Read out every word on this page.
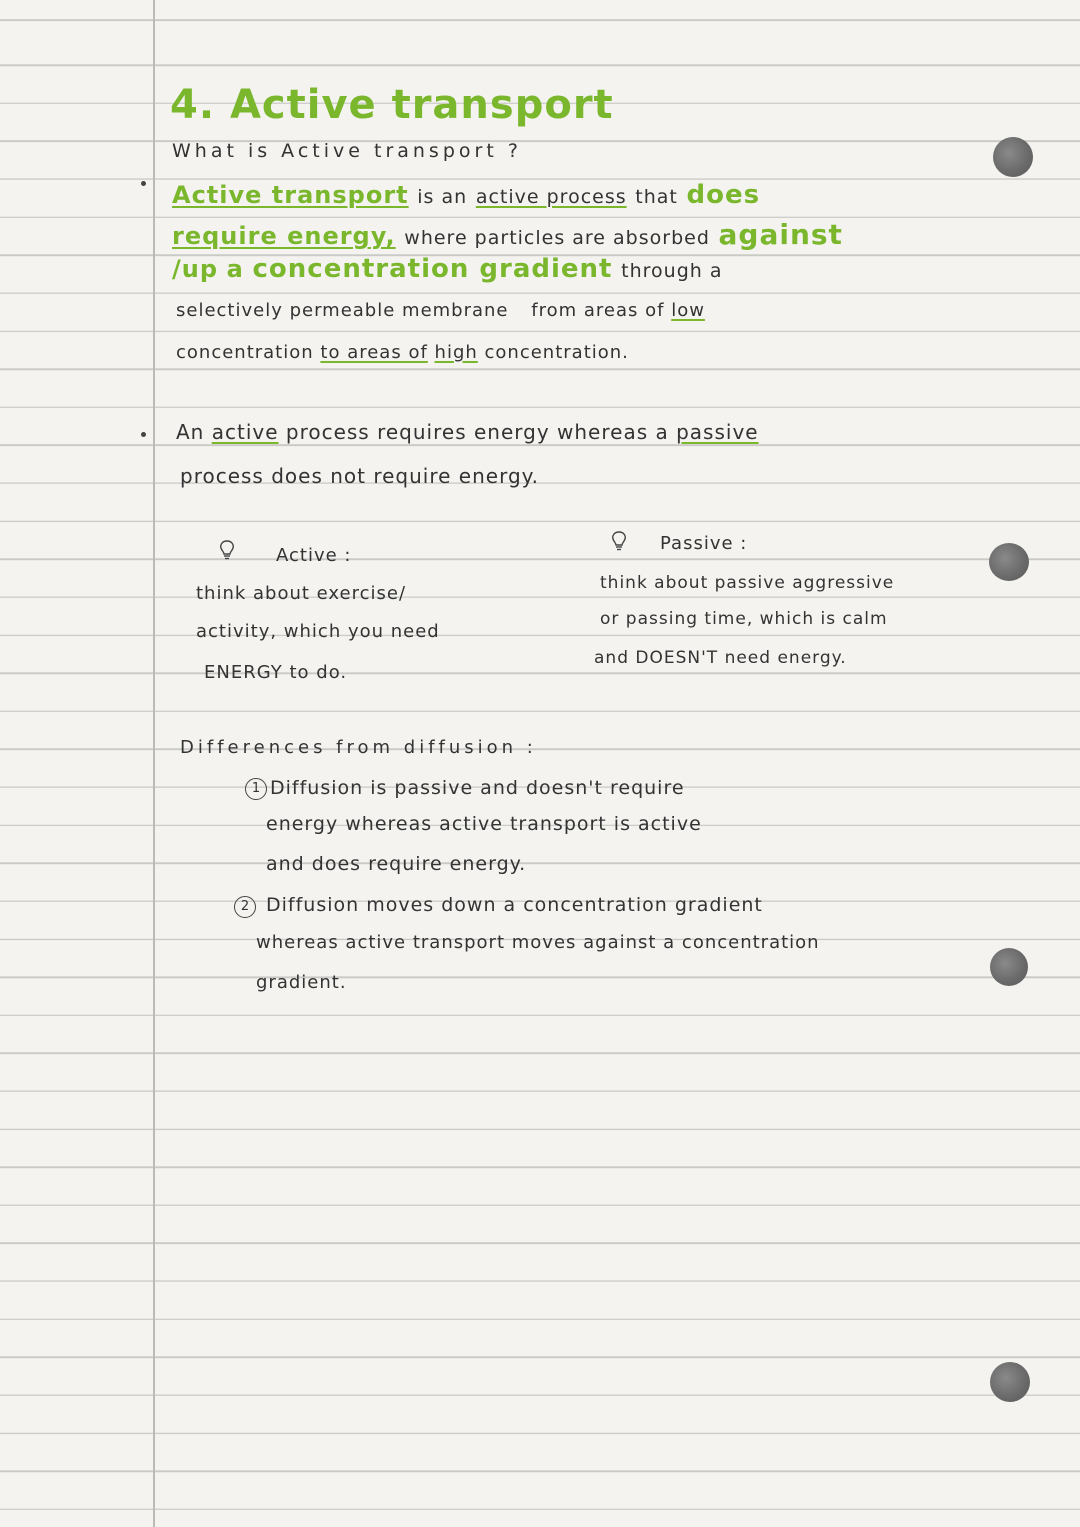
4. Active transport
What is Active transport ?
Active transport is an active process that does
require energy, where particles are absorbed against
/up a concentration gradient through a
selectively permeable membrane from areas of low
concentration to areas of high concentration.
An active process requires energy whereas a passive
process does not require energy.
Active :
think about exercise/
activity, which you need
ENERGY to do.
Passive :
think about passive aggressive
or passing time, which is calm
and DOESN'T need energy.
Differences from diffusion :
1 Diffusion is passive and doesn't require
energy whereas active transport is active
and does require energy.
2 Diffusion moves down a concentration gradient
whereas active transport moves against a concentration
gradient.
